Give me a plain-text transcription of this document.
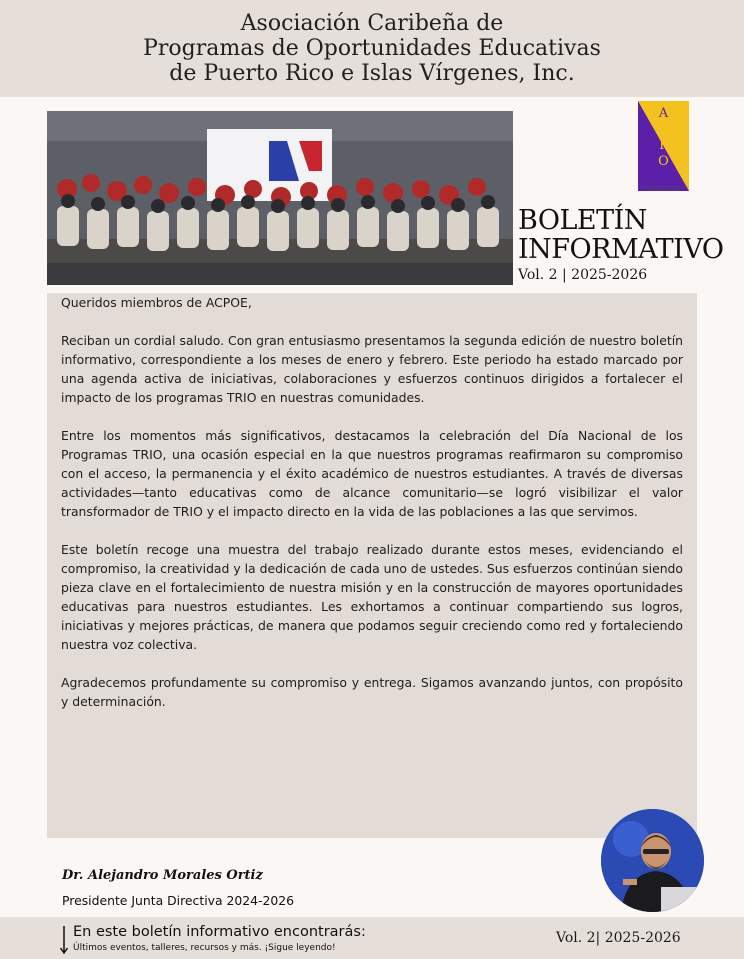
Asociación Caribeña de
Programas de Oportunidades Educativas
de Puerto Rico e Islas Vírgenes, Inc.
A
C
P
O
E
Asociación Caribeña de Programas de Oportunidades Educativas
BOLETÍN
INFORMATIVO
Vol. 2 | 2025-2026

Queridos miembros de ACPOE,

Reciban un cordial saludo. Con gran entusiasmo presentamos la segunda edición de nuestro boletín informativo, correspondiente a los meses de enero y febrero. Este periodo ha estado marcado por una agenda activa de iniciativas, colaboraciones y esfuerzos continuos dirigidos a fortalecer el impacto de los programas TRIO en nuestras comunidades.

Entre los momentos más significativos, destacamos la celebración del Día Nacional de los Programas TRIO, una ocasión especial en la que nuestros programas reafirmaron su compromiso con el acceso, la permanencia y el éxito académico de nuestros estudiantes. A través de diversas actividades—tanto educativas como de alcance comunitario—se logró visibilizar el valor transformador de TRIO y el impacto directo en la vida de las poblaciones a las que servimos.

Este boletín recoge una muestra del trabajo realizado durante estos meses, evidenciando el compromiso, la creatividad y la dedicación de cada uno de ustedes. Sus esfuerzos continúan siendo pieza clave en el fortalecimiento de nuestra misión y en la construcción de mayores oportunidades educativas para nuestros estudiantes. Les exhortamos a continuar compartiendo sus logros, iniciativas y mejores prácticas, de manera que podamos seguir creciendo como red y fortaleciendo nuestra voz colectiva.

Agradecemos profundamente su compromiso y entrega. Sigamos avanzando juntos, con propósito y determinación.

Dr. Alejandro Morales Ortiz
Presidente Junta Directiva 2024-2026
En este boletín informativo encontrarás:
Últimos eventos, talleres, recursos y más. ¡Sigue leyendo!
Vol. 2| 2025-2026
